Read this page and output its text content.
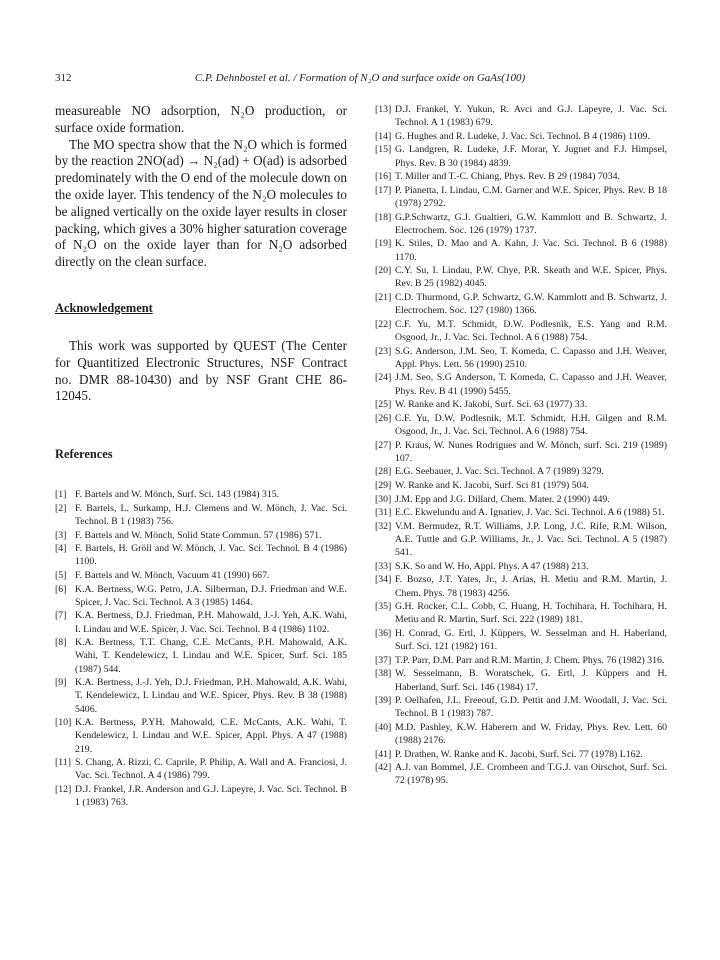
312	C.P. Dehnbostel et al. / Formation of N₂O and surface oxide on GaAs(100)

measureable NO adsorption, N₂O production, or surface oxide formation.

The MO spectra show that the N₂O which is formed by the reaction 2NO(ad) → N₂(ad) + O(ad) is adsorbed predominately with the O end of the molecule down on the oxide layer. This tendency of the N₂O molecules to be aligned vertically on the oxide layer results in closer packing, which gives a 30% higher saturation coverage of N₂O on the oxide layer than for N₂O adsorbed directly on the clean surface.

Acknowledgement

This work was supported by QUEST (The Center for Quantitized Electronic Structures, NSF Contract no. DMR 88-10430) and by NSF Grant CHE 86-12045.

References
[1] F. Bartels and W. Mönch, Surf. Sci. 143 (1984) 315.
[2] F. Bartels, L. Surkamp, H.J. Clemens and W. Mönch, J. Vac. Sci. Technol. B 1 (1983) 756.
[3] F. Bartels and W. Mönch, Solid State Commun. 57 (1986) 571.
[4] F. Bartels, H. Gröll and W. Mönch, J. Vac. Sci. Technol. B 4 (1986) 1100.
[5] F. Bartels and W. Mönch, Vacuum 41 (1990) 667.
[6] K.A. Bertness, W.G. Petro, J.A. Silberman, D.J. Friedman and W.E. Spicer, J. Vac. Sci. Technol. A 3 (1985) 1464.
[7] K.A. Bertness, D.J. Friedman, P.H. Mahowald, J.-J. Yeh, A.K. Wahi, I. Lindau and W.E. Spicer, J. Vac. Sci. Technol. B 4 (1986) 1102.
[8] K.A. Bertness, T.T. Chang, C.E. McCants, P.H. Mahowald, A.K. Wahi, T. Kendelewicz, I. Lindau and W.E. Spicer, Surf. Sci. 185 (1987) 544.
[9] K.A. Bertness, J.-J. Yeh, D.J. Friedman, P.H. Mahowald, A.K. Wahi, T. Kendelewicz, I. Lindau and W.E. Spicer, Phys. Rev. B 38 (1988) 5406.
[10] K.A. Bertness, P.YH. Mahowald, C.E. McCants, A.K. Wahi, T. Kendelewicz, I. Lindau and W.E. Spicer, Appl. Phys. A 47 (1988) 219.
[11] S. Chang, A. Rizzi, C. Caprile, P. Philip, A. Wall and A. Franciosi, J. Vac. Sci. Technol. A 4 (1986) 799.
[12] D.J. Frankel, J.R. Anderson and G.J. Lapeyre, J. Vac. Sci. Technol. B 1 (1983) 763.
[13] D.J. Frankel, Y. Yukun, R. Avci and G.J. Lapeyre, J. Vac. Sci. Technol. A 1 (1983) 679.
[14] G. Hughes and R. Ludeke, J. Vac. Sci. Technol. B 4 (1986) 1109.
[15] G. Landgren, R. Ludeke, J.F. Morar, Y. Jugnet and F.J. Himpsel, Phys. Rev. B 30 (1984) 4839.
[16] T. Miller and T.-C. Chiang, Phys. Rev. B 29 (1984) 7034.
[17] P. Pianetta, I. Lindau, C.M. Garner and W.E. Spicer, Phys. Rev. B 18 (1978) 2792.
[18] G.P.Schwartz, G.J. Gualtieri, G.W. Kammlott and B. Schwartz, J. Electrochem. Soc. 126 (1979) 1737.
[19] K. Stiles, D. Mao and A. Kahn, J. Vac. Sci. Technol. B 6 (1988) 1170.
[20] C.Y. Su, I. Lindau, P.W. Chye, P.R. Skeath and W.E. Spicer, Phys. Rev. B 25 (1982) 4045.
[21] C.D. Thurmond, G.P. Schwartz, G.W. Kammlott and B. Schwartz, J. Electrochem. Soc. 127 (1980) 1366.
[22] C.F. Yu, M.T. Schmidt, D.W. Podlesnik, E.S. Yang and R.M. Osgood, Jr., J. Vac. Sci. Technol. A 6 (1988) 754.
[23] S.G. Anderson, J.M. Seo, T. Komeda, C. Capasso and J.H. Weaver, Appl. Phys. Lett. 56 (1990) 2510.
[24] J.M. Seo, S.G Anderson, T. Komeda, C. Capasso and J.H. Weaver, Phys. Rev. B 41 (1990) 5455.
[25] W. Ranke and K. Jakobi, Surf. Sci. 63 (1977) 33.
[26] C.F. Yu, D.W. Podlesnik, M.T. Schmidt, H.H. Gilgen and R.M. Osgood, Jr., J. Vac. Sci. Technol. A 6 (1988) 754.
[27] P. Kraus, W. Nunes Rodrigues and W. Mönch, surf. Sci. 219 (1989) 107.
[28] E.G. Seebauer, J. Vac. Sci. Technol. A 7 (1989) 3279.
[29] W. Ranke and K. Jacobi, Surf. Sci 81 (1979) 504.
[30] J.M. Epp and J.G. Dillard, Chem. Mater. 2 (1990) 449.
[31] E.C. Ekwelundu and A. Ignatiev, J. Vac. Sci. Technol. A 6 (1988) 51.
[32] V.M. Bermudez, R.T. Williams, J.P. Long, J.C. Rife, R.M. Wilson, A.E. Tuttle and G.P. Williams, Jr., J. Vac. Sci. Technol. A 5 (1987) 541.
[33] S.K. So and W. Ho, Appl. Phys. A 47 (1988) 213.
[34] F. Bozso, J.T. Yates, Jr., J. Arias, H. Metiu and R.M. Martin, J. Chem. Phys. 78 (1983) 4256.
[35] G.H. Rocker, C.L. Cobb, C. Huang, H. Tochihara, H. Tochihara, H. Metiu and R. Martin, Surf. Sci. 222 (1989) 181.
[36] H. Conrad, G. Ertl, J. Küppers, W. Sesselman and H. Haberland, Surf. Sci. 121 (1982) 161.
[37] T.P. Parr, D.M. Parr and R.M. Martin, J. Chem. Phys. 76 (1982) 316.
[38] W. Sesselmann, B. Woratschek, G. Ertl, J. Küppers and H. Haberland, Surf. Sci. 146 (1984) 17.
[39] P. Oelhafen, J.L. Freeouf, G.D. Pettit and J.M. Woodall, J. Vac. Sci. Technol. B 1 (1983) 787.
[40] M.D. Pashley, K.W. Haberern and W. Friday, Phys. Rev. Lett. 60 (1988) 2176.
[41] P. Drathen, W. Ranke and K. Jacobi, Surf. Sci. 77 (1978) L162.
[42] A.J. van Bommel, J.E. Crombeen and T.G.J. van Oirschot, Surf. Sci. 72 (1978) 95.
